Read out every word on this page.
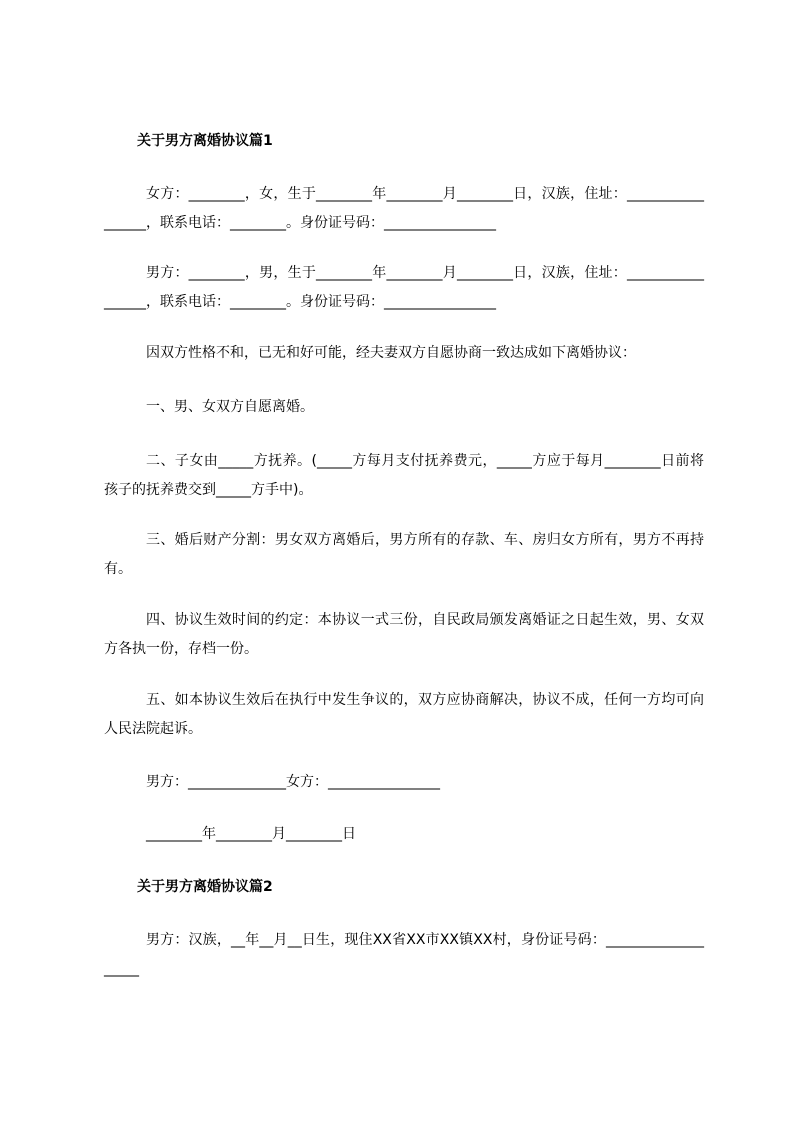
关于男方离婚协议篇1

女方：________，女，生于________年________月________日，汉族，住址：_________________，联系电话：________。身份证号码：________________

男方：________，男，生于________年________月________日，汉族，住址：_________________，联系电话：________。身份证号码：________________

因双方性格不和，已无和好可能，经夫妻双方自愿协商一致达成如下离婚协议：

一、男、女双方自愿离婚。

二、子女由_____方抚养。(_____方每月支付抚养费元，_____方应于每月________日前将孩子的抚养费交到_____方手中)。

三、婚后财产分割：男女双方离婚后，男方所有的存款、车、房归女方所有，男方不再持有。

四、协议生效时间的约定：本协议一式三份，自民政局颁发离婚证之日起生效，男、女双方各执一份，存档一份。

五、如本协议生效后在执行中发生争议的，双方应协商解决，协议不成，任何一方均可向人民法院起诉。

男方：______________女方：________________
________年________月________日
关于男方离婚协议篇2

男方：汉族，__年__月__日生，现住XX省XX市XX镇XX村，身份证号码：___________________
